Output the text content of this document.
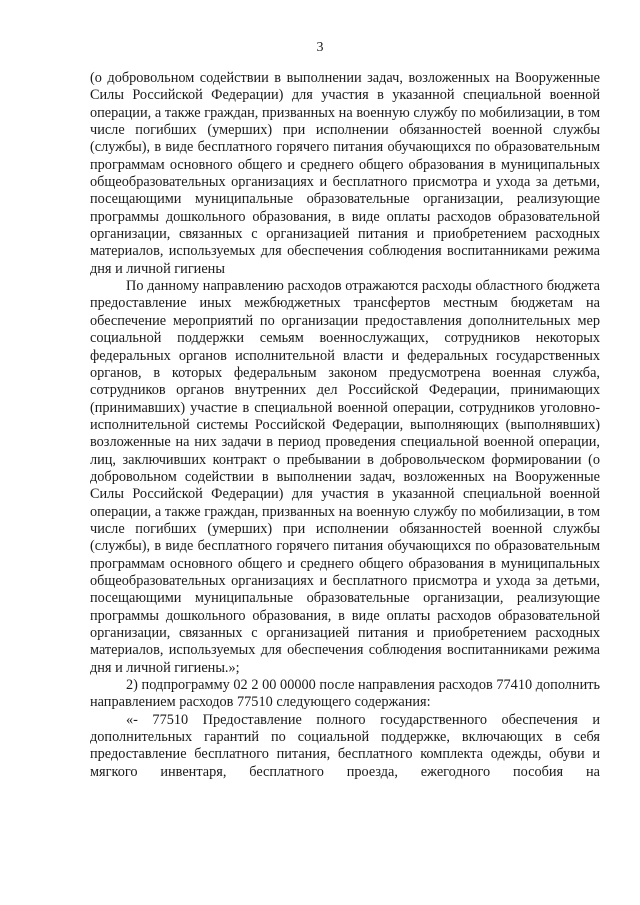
3

(о добровольном содействии в выполнении задач, возложенных на Вооруженные Силы Российской Федерации) для участия в указанной специальной военной операции, а также граждан, призванных на военную службу по мобилизации, в том числе погибших (умерших) при исполнении обязанностей военной службы (службы), в виде бесплатного горячего питания обучающихся по образовательным программам основного общего и среднего общего образования в муниципальных общеобразовательных организациях и бесплатного присмотра и ухода за детьми, посещающими муниципальные образовательные организации, реализующие программы дошкольного образования, в виде оплаты расходов образовательной организации, связанных с организацией питания и приобретением расходных материалов, используемых для обеспечения соблюдения воспитанниками режима дня и личной гигиены

По данному направлению расходов отражаются расходы областного бюджета предоставление иных межбюджетных трансфертов местным бюджетам на обеспечение мероприятий по организации предоставления дополнительных мер социальной поддержки семьям военнослужащих, сотрудников некоторых федеральных органов исполнительной власти и федеральных государственных органов, в которых федеральным законом предусмотрена военная служба, сотрудников органов внутренних дел Российской Федерации, принимающих (принимавших) участие в специальной военной операции, сотрудников уголовно-исполнительной системы Российской Федерации, выполняющих (выполнявших) возложенные на них задачи в период проведения специальной военной операции, лиц, заключивших контракт о пребывании в добровольческом формировании (о добровольном содействии в выполнении задач, возложенных на Вооруженные Силы Российской Федерации) для участия в указанной специальной военной операции, а также граждан, призванных на военную службу по мобилизации, в том числе погибших (умерших) при исполнении обязанностей военной службы (службы), в виде бесплатного горячего питания обучающихся по образовательным программам основного общего и среднего общего образования в муниципальных общеобразовательных организациях и бесплатного присмотра и ухода за детьми, посещающими муниципальные образовательные организации, реализующие программы дошкольного образования, в виде оплаты расходов образовательной организации, связанных с организацией питания и приобретением расходных материалов, используемых для обеспечения соблюдения воспитанниками режима дня и личной гигиены.»;

2) подпрограмму 02 2 00 00000 после направления расходов 77410 дополнить направлением расходов 77510 следующего содержания:

«- 77510 Предоставление полного государственного обеспечения и дополнительных гарантий по социальной поддержке, включающих в себя предоставление бесплатного питания, бесплатного комплекта одежды, обуви и мягкого инвентаря, бесплатного проезда, ежегодного пособия на
